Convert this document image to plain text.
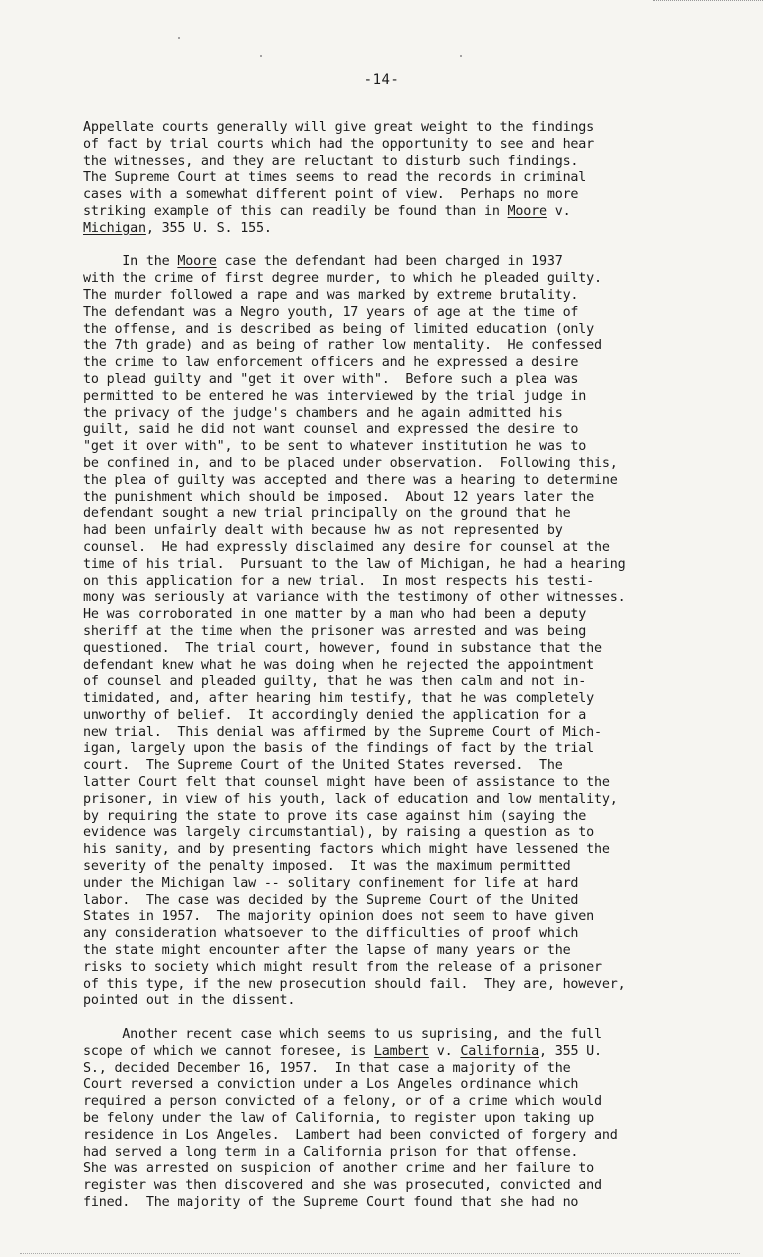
-14-
Appellate courts generally will give great weight to the findings
of fact by trial courts which had the opportunity to see and hear
the witnesses, and they are reluctant to disturb such findings.
The Supreme Court at times seems to read the records in criminal
cases with a somewhat different point of view.  Perhaps no more
striking example of this can readily be found than in Moore v.
Michigan, 355 U. S. 155.
In the Moore case the defendant had been charged in 1937
with the crime of first degree murder, to which he pleaded guilty.
The murder followed a rape and was marked by extreme brutality.
The defendant was a Negro youth, 17 years of age at the time of
the offense, and is described as being of limited education (only
the 7th grade) and as being of rather low mentality.  He confessed
the crime to law enforcement officers and he expressed a desire
to plead guilty and "get it over with".  Before such a plea was
permitted to be entered he was interviewed by the trial judge in
the privacy of the judge's chambers and he again admitted his
guilt, said he did not want counsel and expressed the desire to
"get it over with", to be sent to whatever institution he was to
be confined in, and to be placed under observation.  Following this,
the plea of guilty was accepted and there was a hearing to determine
the punishment which should be imposed.  About 12 years later the
defendant sought a new trial principally on the ground that he
had been unfairly dealt with because hw as not represented by
counsel.  He had expressly disclaimed any desire for counsel at the
time of his trial.  Pursuant to the law of Michigan, he had a hearing
on this application for a new trial.  In most respects his testi-
mony was seriously at variance with the testimony of other witnesses.
He was corroborated in one matter by a man who had been a deputy
sheriff at the time when the prisoner was arrested and was being
questioned.  The trial court, however, found in substance that the
defendant knew what he was doing when he rejected the appointment
of counsel and pleaded guilty, that he was then calm and not in-
timidated, and, after hearing him testify, that he was completely
unworthy of belief.  It accordingly denied the application for a
new trial.  This denial was affirmed by the Supreme Court of Mich-
igan, largely upon the basis of the findings of fact by the trial
court.  The Supreme Court of the United States reversed.  The
latter Court felt that counsel might have been of assistance to the
prisoner, in view of his youth, lack of education and low mentality,
by requiring the state to prove its case against him (saying the
evidence was largely circumstantial), by raising a question as to
his sanity, and by presenting factors which might have lessened the
severity of the penalty imposed.  It was the maximum permitted
under the Michigan law -- solitary confinement for life at hard
labor.  The case was decided by the Supreme Court of the United
States in 1957.  The majority opinion does not seem to have given
any consideration whatsoever to the difficulties of proof which
the state might encounter after the lapse of many years or the
risks to society which might result from the release of a prisoner
of this type, if the new prosecution should fail.  They are, however,
pointed out in the dissent.
Another recent case which seems to us suprising, and the full
scope of which we cannot foresee, is Lambert v. California, 355 U.
S., decided December 16, 1957.  In that case a majority of the
Court reversed a conviction under a Los Angeles ordinance which
required a person convicted of a felony, or of a crime which would
be felony under the law of California, to register upon taking up
residence in Los Angeles.  Lambert had been convicted of forgery and
had served a long term in a California prison for that offense.
She was arrested on suspicion of another crime and her failure to
register was then discovered and she was prosecuted, convicted and
fined.  The majority of the Supreme Court found that she had no
